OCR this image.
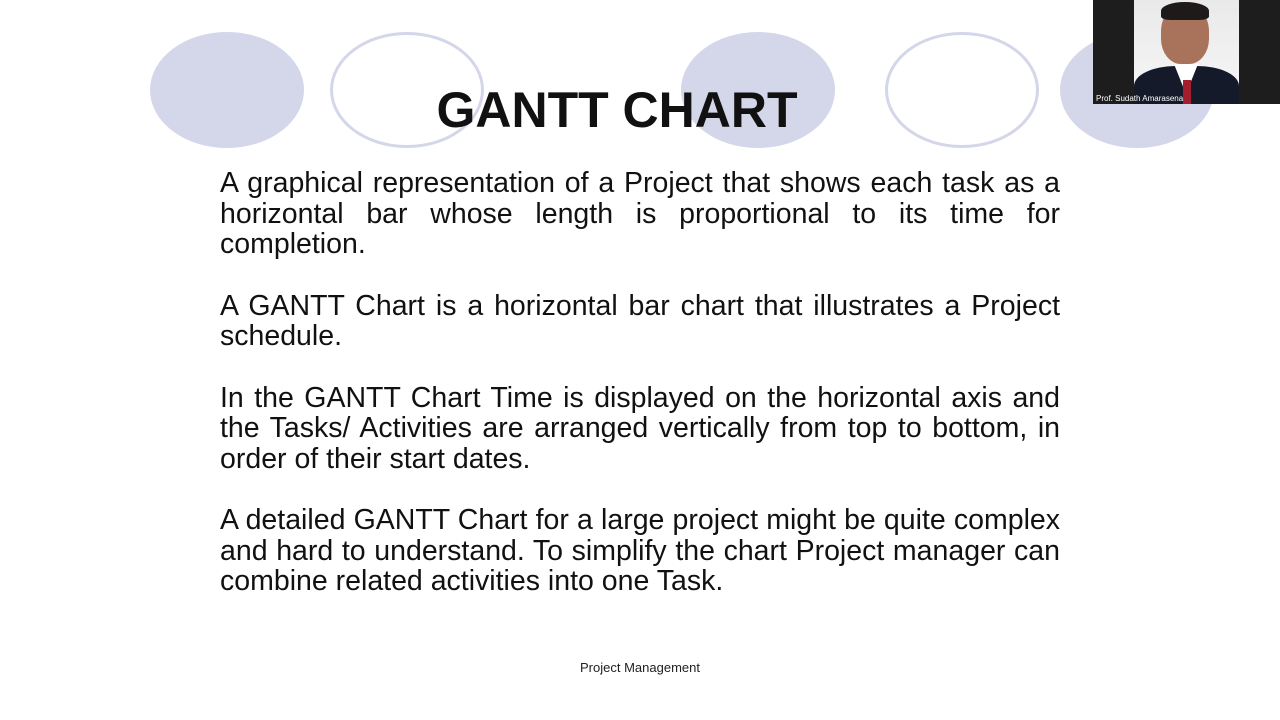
GANTT CHART

A graphical representation of a Project that shows each task as a horizontal bar whose length is proportional to its time for completion.

A GANTT Chart is a horizontal bar chart that illustrates a Project schedule.

In the GANTT Chart Time is displayed on the horizontal axis and the Tasks/ Activities are arranged vertically from top to bottom, in order of their start dates.

A detailed GANTT Chart for a large project might be quite complex and hard to understand. To simplify the chart Project manager can combine related activities into one Task.

Project Management
Prof. Sudath Amarasena
